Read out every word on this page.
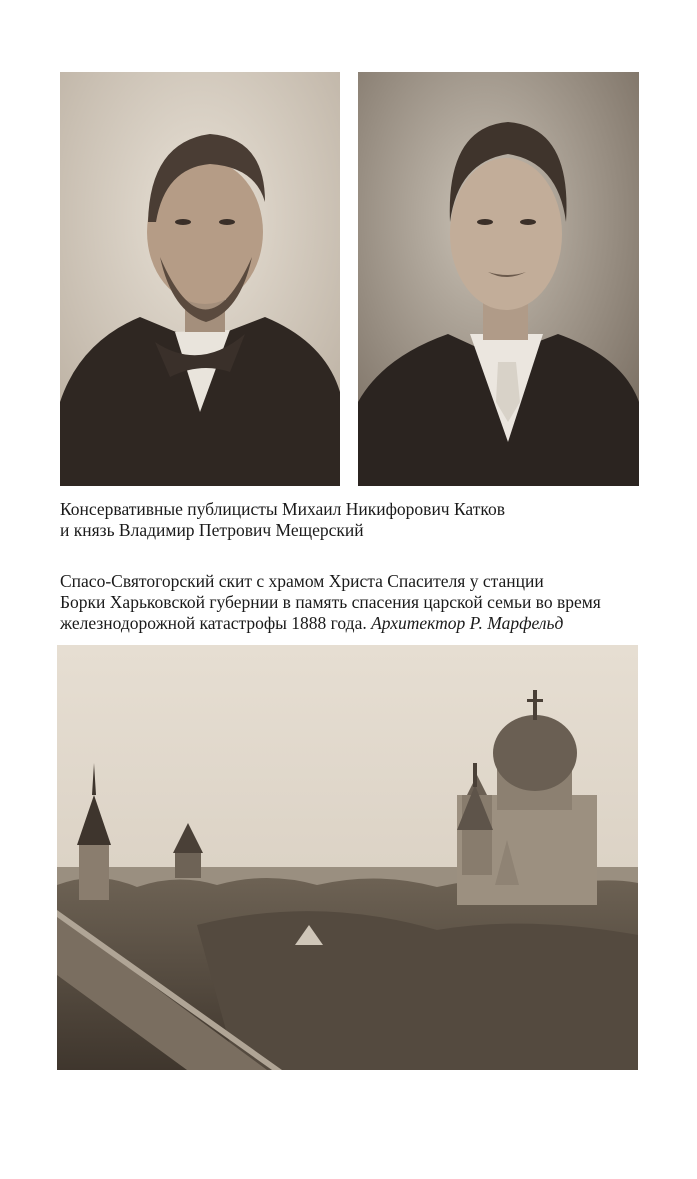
Консервативные публицисты Михаил Никифорович Катков
и князь Владимир Петрович Мещерский
Спасо-Святогорский скит с храмом Христа Спасителя у станции
Борки Харьковской губернии в память спасения царской семьи во время
железнодорожной катастрофы 1888 года. Архитектор Р. Марфельд
